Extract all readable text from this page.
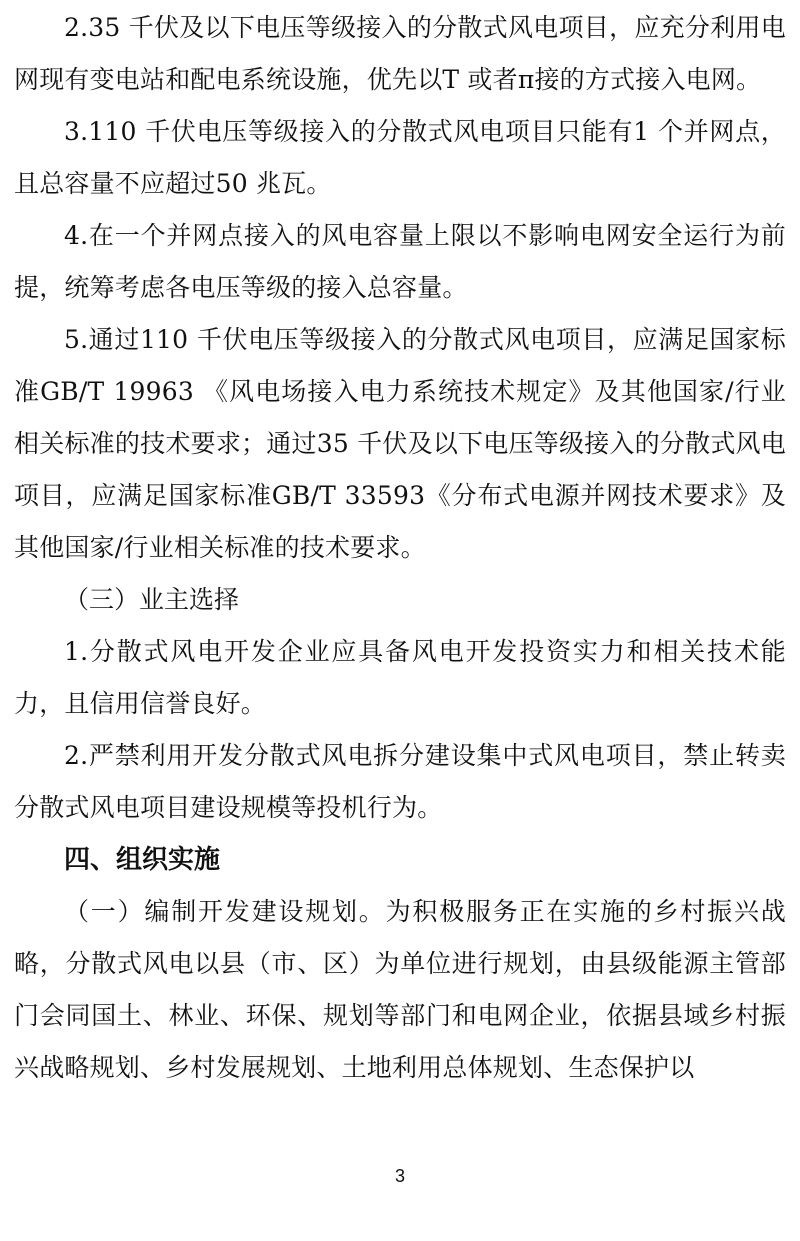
2.35 千伏及以下电压等级接入的分散式风电项目，应充分利用电网现有变电站和配电系统设施，优先以T 或者π接的方式接入电网。

3.110 千伏电压等级接入的分散式风电项目只能有1 个并网点，且总容量不应超过50 兆瓦。

4.在一个并网点接入的风电容量上限以不影响电网安全运行为前提，统筹考虑各电压等级的接入总容量。

5.通过110 千伏电压等级接入的分散式风电项目，应满足国家标准GB/T 19963 《风电场接入电力系统技术规定》及其他国家/行业相关标准的技术要求；通过35 千伏及以下电压等级接入的分散式风电项目，应满足国家标准GB/T 33593《分布式电源并网技术要求》及其他国家/行业相关标准的技术要求。

（三）业主选择

1.分散式风电开发企业应具备风电开发投资实力和相关技术能力，且信用信誉良好。

2.严禁利用开发分散式风电拆分建设集中式风电项目，禁止转卖分散式风电项目建设规模等投机行为。

四、组织实施

（一）编制开发建设规划。为积极服务正在实施的乡村振兴战略，分散式风电以县（市、区）为单位进行规划，由县级能源主管部门会同国土、林业、环保、规划等部门和电网企业，依据县域乡村振兴战略规划、乡村发展规划、土地利用总体规划、生态保护以

3
